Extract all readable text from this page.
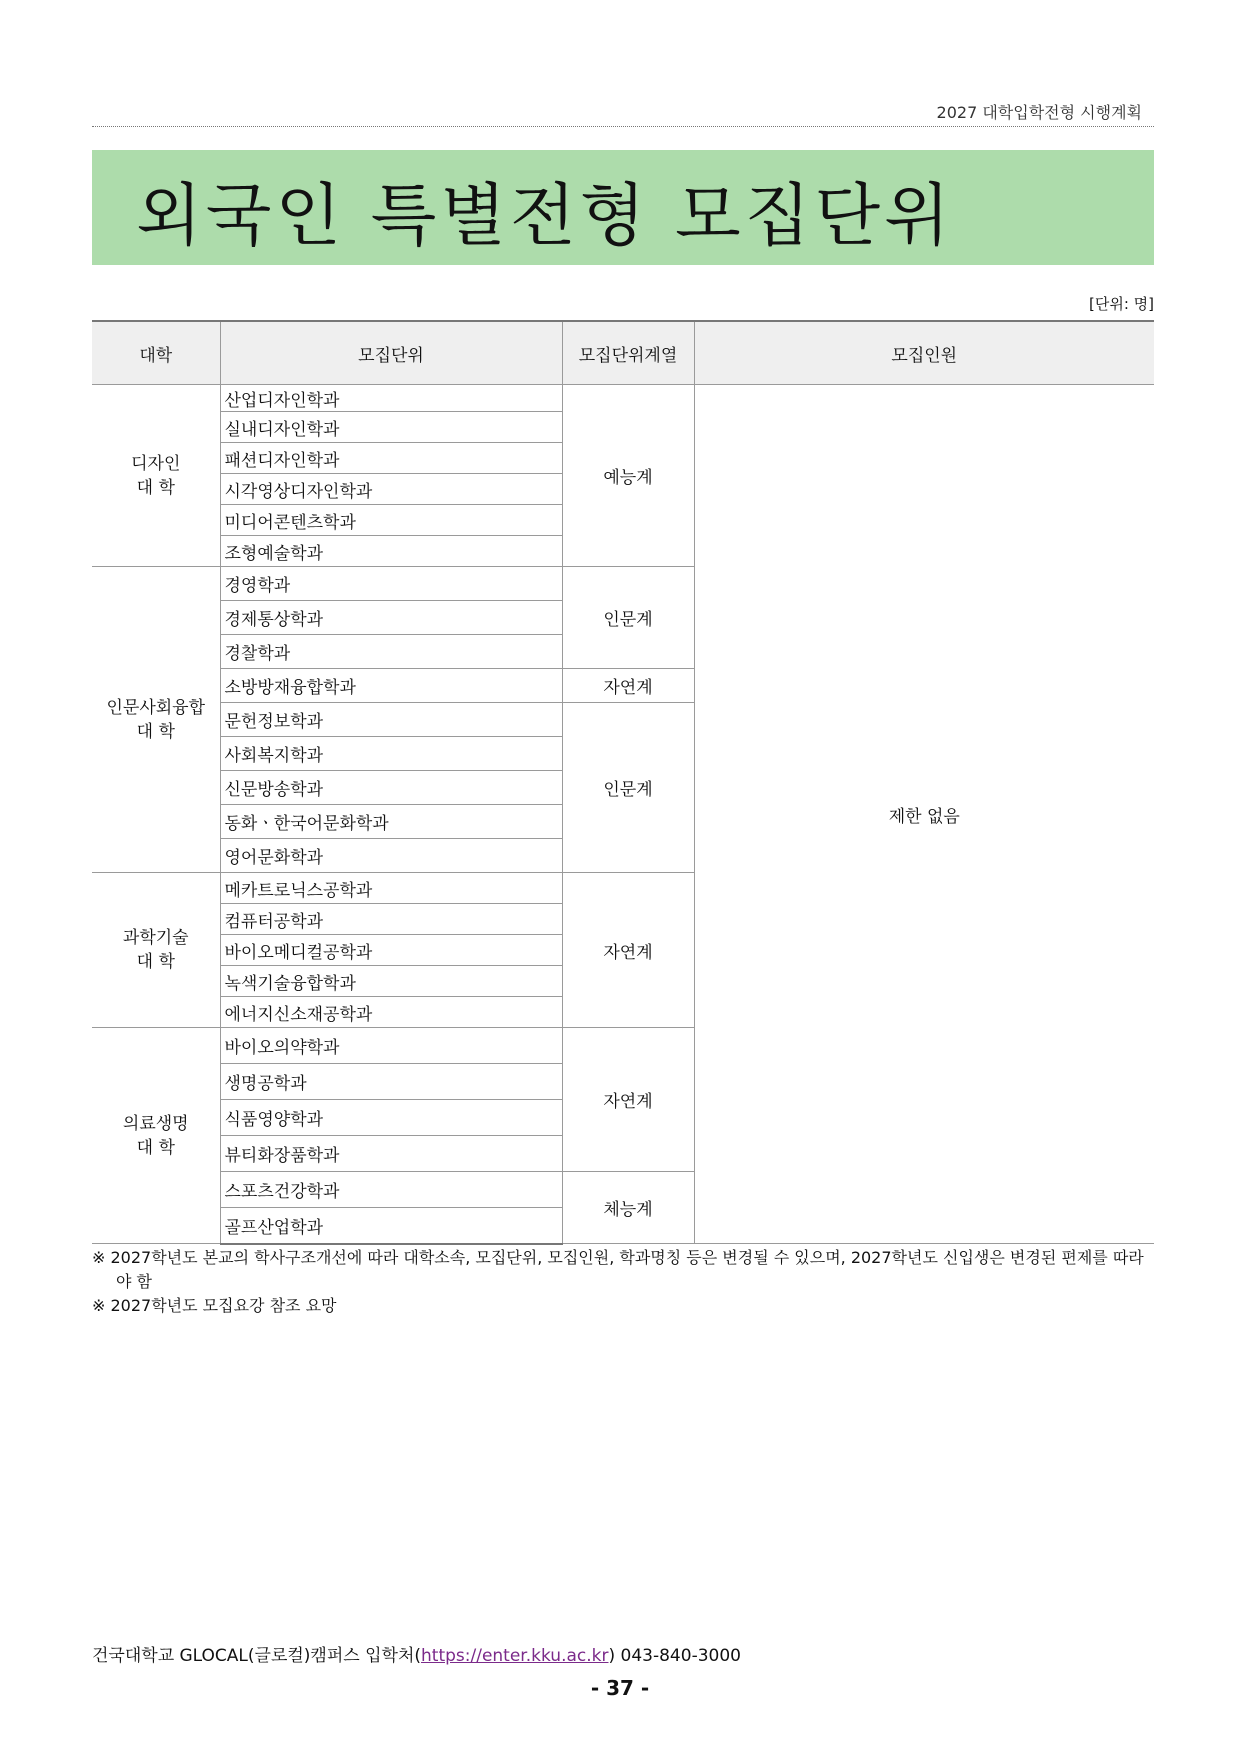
2027 대학입학전형 시행계획
외국인 특별전형 모집단위
[단위: 명]
대학	모집단위	모집단위계열	모집인원

디자인
대 학	산업디자인학과	예능계	제한 없음
	실내디자인학과		
	패션디자인학과		
	시각영상디자인학과		
	미디어콘텐츠학과		
	조형예술학과		

인문사회융합
대 학	경영학과	인문계	
	경제통상학과		
	경찰학과		
	소방방재융합학과	자연계	
	문헌정보학과	인문계	
	사회복지학과		
	신문방송학과		
	동화ㆍ한국어문화학과		
	영어문화학과		

과학기술
대 학	메카트로닉스공학과	자연계	
	컴퓨터공학과		
	바이오메디컬공학과		
	녹색기술융합학과		
	에너지신소재공학과		

의료생명
대 학	바이오의약학과	자연계	
	생명공학과		
	식품영양학과		
	뷰티화장품학과		
	스포츠건강학과	체능계	
	골프산업학과		

※ 2027학년도 본교의 학사구조개선에 따라 대학소속, 모집단위, 모집인원, 학과명칭 등은 변경될 수 있으며, 2027학년도 신입생은 변경된 편제를 따라야 함

※ 2027학년도 모집요강 참조 요망

건국대학교 GLOCAL(글로컬)캠퍼스 입학처(https://enter.kku.ac.kr) 043-840-3000
- 37 -
